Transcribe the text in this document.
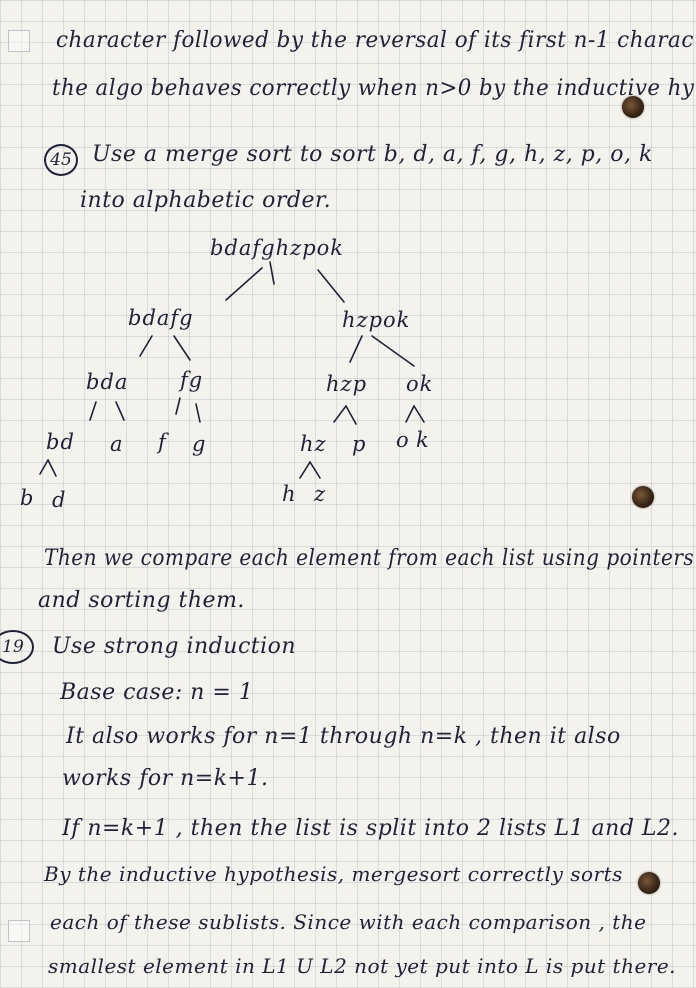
character followed by the reversal of its first n-1 charac
the algo behaves correctly when n>0 by the inductive hy
45 Use a merge sort to sort b, d, a, f, g, h, z, p, o, k
into alphabetic order.
bdafghzpok
bdafg	hzpok
bda fg	hzp ok
bd a f g	hz p o k
b d	h z
Then we compare each element from each list using pointers
and sorting them.
19	Use strong induction
Base case: n = 1
It also works for n=1 through n=k , then it also
works for n=k+1.
If n=k+1 , then the list is split into 2 lists L1 and L2.
By the inductive hypothesis, mergesort correctly sorts
each of these sublists. Since with each comparison , the
smallest element in L1 U L2 not yet put into L is put there.
